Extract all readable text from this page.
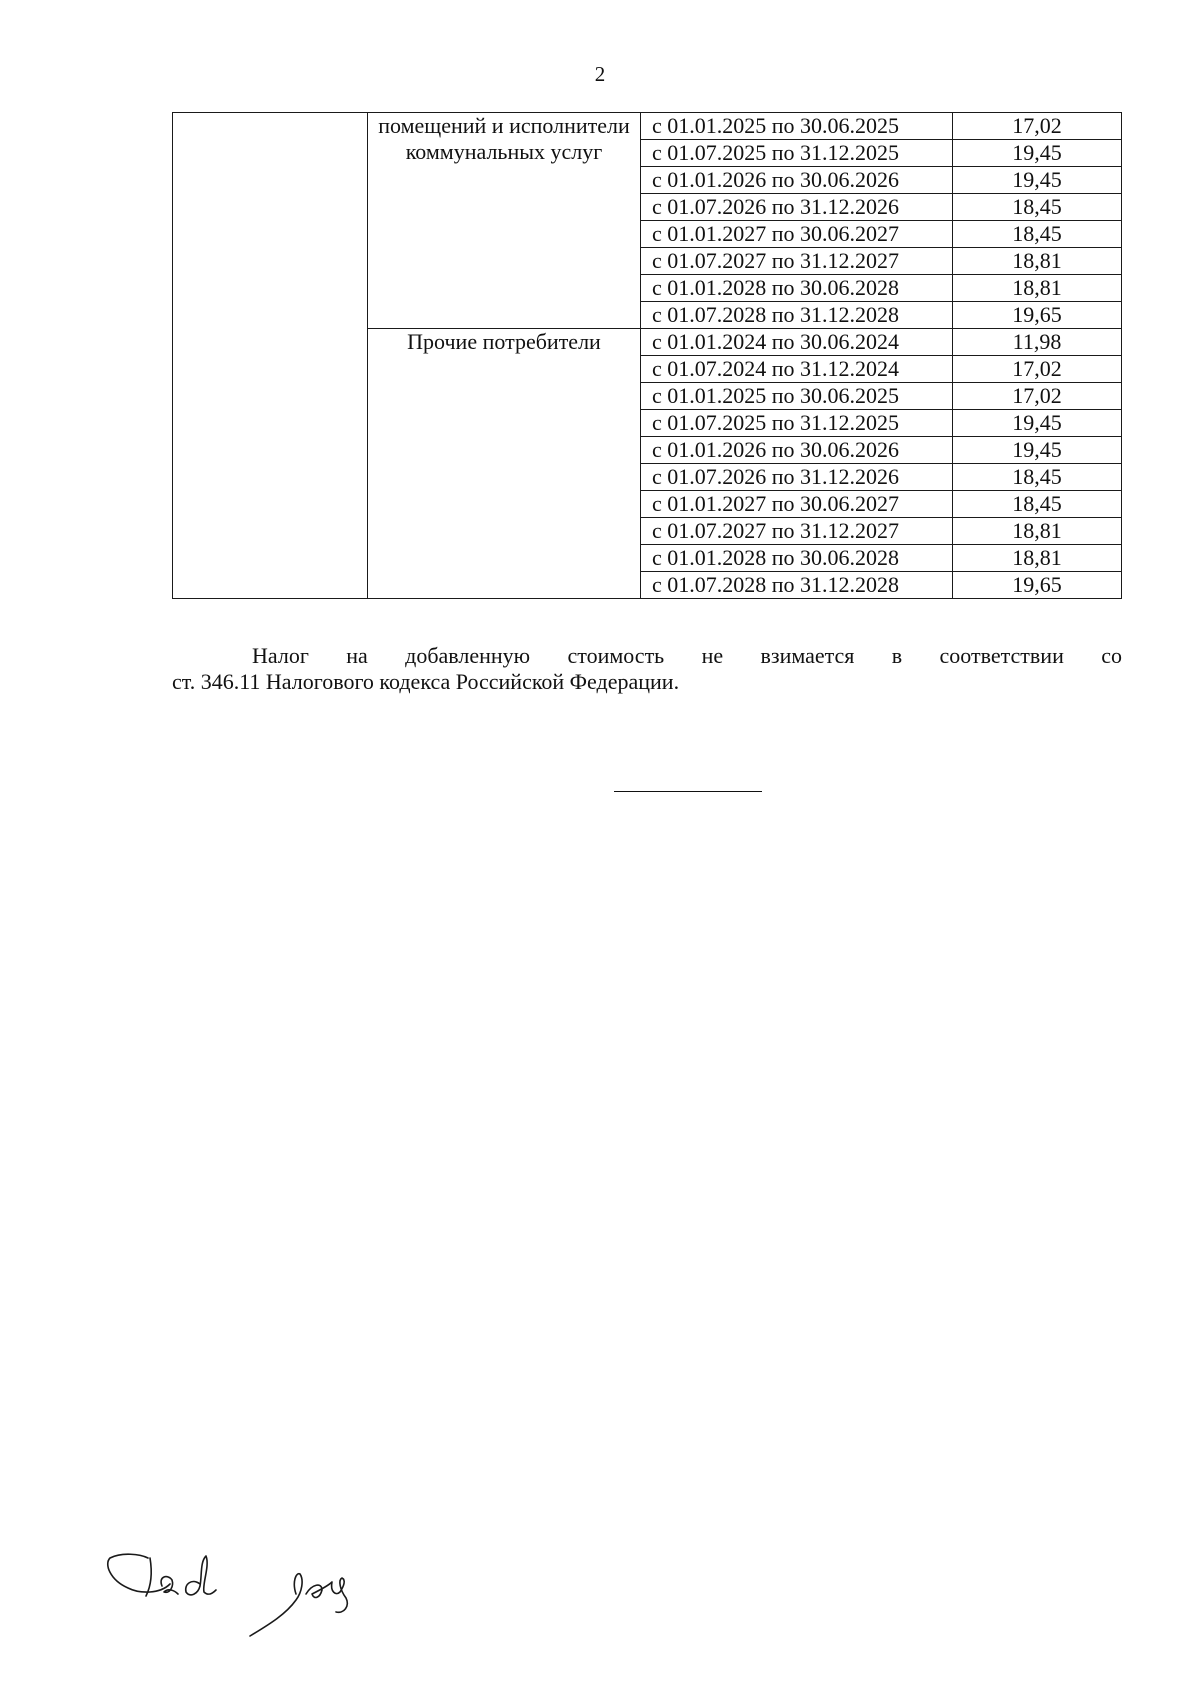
2
	помещений и исполнители коммунальных услуг	с 01.01.2025 по 30.06.2025	17,02
		с 01.07.2025 по 31.12.2025	19,45
		с 01.01.2026 по 30.06.2026	19,45
		с 01.07.2026 по 31.12.2026	18,45
		с 01.01.2027 по 30.06.2027	18,45
		с 01.07.2027 по 31.12.2027	18,81
		с 01.01.2028 по 30.06.2028	18,81
		с 01.07.2028 по 31.12.2028	19,65
	Прочие потребители	с 01.01.2024 по 30.06.2024	11,98
		с 01.07.2024 по 31.12.2024	17,02
		с 01.01.2025 по 30.06.2025	17,02
		с 01.07.2025 по 31.12.2025	19,45
		с 01.01.2026 по 30.06.2026	19,45
		с 01.07.2026 по 31.12.2026	18,45
		с 01.01.2027 по 30.06.2027	18,45
		с 01.07.2027 по 31.12.2027	18,81
		с 01.01.2028 по 30.06.2028	18,81
		с 01.07.2028 по 31.12.2028	19,65
Налог на добавленную стоимость не взимается в соответствии со
ст. 346.11 Налогового кодекса Российской Федерации.
